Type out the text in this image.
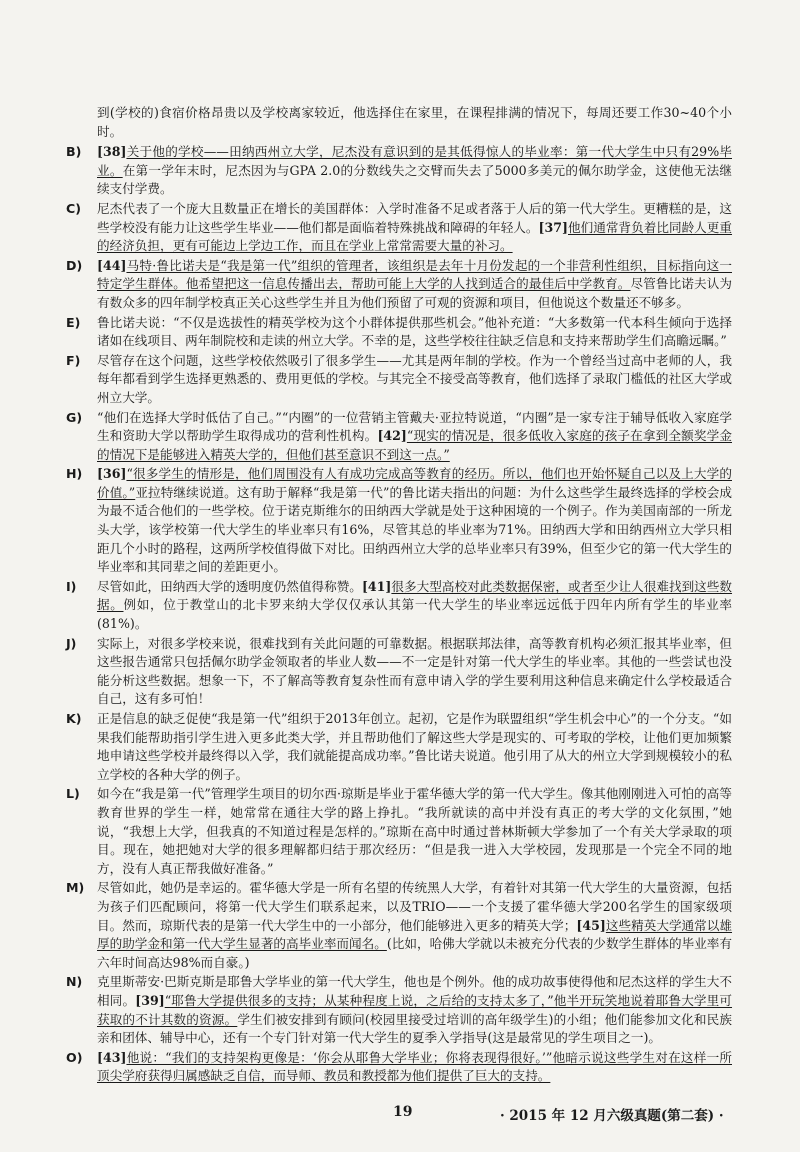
到(学校的)食宿价格昂贵以及学校离家较近，他选择住在家里，在课程排满的情况下，每周还要工作30~40个小时。
B)	[38]关于他的学校——田纳西州立大学，尼杰没有意识到的是其低得惊人的毕业率：第一代大学生中只有29%毕业。在第一学年末时，尼杰因为与GPA 2.0的分数线失之交臂而失去了5000多美元的佩尔助学金，这使他无法继续支付学费。
C)	尼杰代表了一个庞大且数量正在增长的美国群体：入学时准备不足或者落于人后的第一代大学生。更糟糕的是，这些学校没有能力让这些学生毕业——他们都是面临着特殊挑战和障碍的年轻人。[37]他们通常背负着比同龄人更重的经济负担，更有可能边上学边工作，而且在学业上常常需要大量的补习。
D)	[44]马特·鲁比诺夫是“我是第一代”组织的管理者，该组织是去年十月份发起的一个非营利性组织，目标指向这一特定学生群体。他希望把这一信息传播出去，帮助可能上大学的人找到适合的最佳后中学教育。尽管鲁比诺夫认为有数众多的四年制学校真正关心这些学生并且为他们预留了可观的资源和项目，但他说这个数量还不够多。
E)	鲁比诺夫说：“不仅是选拔性的精英学校为这个小群体提供那些机会。”他补充道：“大多数第一代本科生倾向于选择诸如在线项目、两年制院校和走读的州立大学。不幸的是，这些学校往往缺乏信息和支持来帮助学生们高瞻远瞩。”
F)	尽管存在这个问题，这些学校依然吸引了很多学生——尤其是两年制的学校。作为一个曾经当过高中老师的人，我每年都看到学生选择更熟悉的、费用更低的学校。与其完全不接受高等教育，他们选择了录取门槛低的社区大学或州立大学。
G)	“他们在选择大学时低估了自己。”“内圈”的一位营销主管戴夫·亚拉特说道，“内圈”是一家专注于辅导低收入家庭学生和资助大学以帮助学生取得成功的营利性机构。[42]“现实的情况是，很多低收入家庭的孩子在拿到全额奖学金的情况下是能够进入精英大学的，但他们甚至意识不到这一点。”
H)	[36]“很多学生的情形是，他们周围没有人有成功完成高等教育的经历。所以，他们也开始怀疑自己以及上大学的价值。”亚拉特继续说道。这有助于解释“我是第一代”的鲁比诺夫指出的问题：为什么这些学生最终选择的学校会成为最不适合他们的一些学校。位于诺克斯维尔的田纳西大学就是处于这种困境的一个例子。作为美国南部的一所龙头大学，该学校第一代大学生的毕业率只有16%，尽管其总的毕业率为71%。田纳西大学和田纳西州立大学只相距几个小时的路程，这两所学校值得做下对比。田纳西州立大学的总毕业率只有39%，但至少它的第一代大学生的毕业率和其同辈之间的差距更小。
I)	尽管如此，田纳西大学的透明度仍然值得称赞。[41]很多大型高校对此类数据保密，或者至少让人很难找到这些数据。例如，位于教堂山的北卡罗来纳大学仅仅承认其第一代大学生的毕业率远远低于四年内所有学生的毕业率(81%)。
J)	实际上，对很多学校来说，很难找到有关此问题的可靠数据。根据联邦法律，高等教育机构必须汇报其毕业率，但这些报告通常只包括佩尔助学金领取者的毕业人数——不一定是针对第一代大学生的毕业率。其他的一些尝试也没能分析这些数据。想象一下，不了解高等教育复杂性而有意申请入学的学生要利用这种信息来确定什么学校最适合自己，这有多可怕！
K)	正是信息的缺乏促使“我是第一代”组织于2013年创立。起初，它是作为联盟组织“学生机会中心”的一个分支。“如果我们能帮助指引学生进入更多此类大学，并且帮助他们了解这些大学是现实的、可考取的学校，让他们更加频繁地申请这些学校并最终得以入学，我们就能提高成功率。”鲁比诺夫说道。他引用了从大的州立大学到规模较小的私立学校的各种大学的例子。
L)	如今在“我是第一代”管理学生项目的切尔西·琼斯是毕业于霍华德大学的第一代大学生。像其他刚刚进入可怕的高等教育世界的学生一样，她常常在通往大学的路上挣扎。“我所就读的高中并没有真正的考大学的文化氛围，”她说，“我想上大学，但我真的不知道过程是怎样的。”琼斯在高中时通过普林斯顿大学参加了一个有关大学录取的项目。现在，她把她对大学的很多理解都归结于那次经历：“但是我一进入大学校园，发现那是一个完全不同的地方，没有人真正帮我做好准备。”
M)	尽管如此，她仍是幸运的。霍华德大学是一所有名望的传统黑人大学，有着针对其第一代大学生的大量资源，包括为孩子们匹配顾问，将第一代大学生们联系起来，以及TRIO——一个支援了霍华德大学200名学生的国家级项目。然而，琼斯代表的是第一代大学生中的一小部分，他们能够进入更多的精英大学；[45]这些精英大学通常以雄厚的助学金和第一代大学生显著的高毕业率而闻名。(比如，哈佛大学就以未被充分代表的少数学生群体的毕业率有六年时间高达98%而自豪。)
N)	克里斯蒂安·巴斯克斯是耶鲁大学毕业的第一代大学生，他也是个例外。他的成功故事使得他和尼杰这样的学生大不相同。[39]“耶鲁大学提供很多的支持；从某种程度上说，之后给的支持太多了，”他半开玩笑地说着耶鲁大学里可获取的不计其数的资源。学生们被安排到有顾问(校园里接受过培训的高年级学生)的小组；他们能参加文化和民族亲和团体、辅导中心，还有一个专门针对第一代大学生的夏季入学指导(这是最常见的学生项目之一)。
O)	[43]他说：“我们的支持架构更像是：‘你会从耶鲁大学毕业；你将表现得很好。’”他暗示说这些学生对在这样一所顶尖学府获得归属感缺乏自信，而导师、教员和教授都为他们提供了巨大的支持。
19	· 2015 年 12 月六级真题(第二套) ·
